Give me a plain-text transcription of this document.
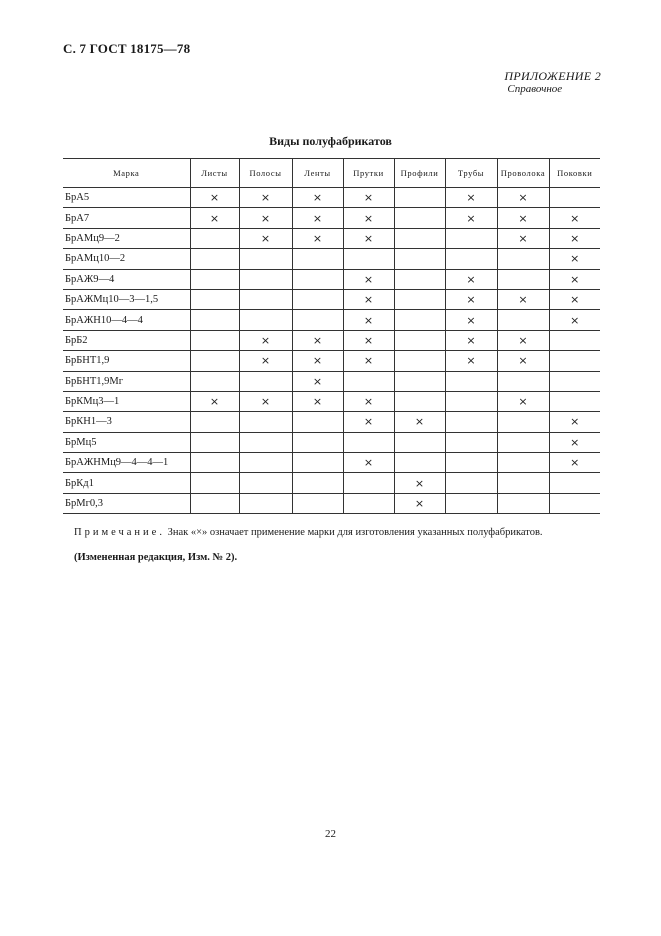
С. 7 ГОСТ 18175—78
ПРИЛОЖЕНИЕ 2
Справочное
Виды полуфабрикатов
Марка	Листы	Полосы	Ленты	Прутки	Профили	Трубы	Проволока	Поковки
БрА5	×	×	×	×		×	×	
БрА7	×	×	×	×		×	×	×
БрАМц9—2		×	×	×			×	×
БрАМц10—2								×
БрАЖ9—4				×		×		×
БрАЖМц10—3—1,5				×		×	×	×
БрАЖН10—4—4				×		×		×
БрБ2		×	×	×		×	×	
БрБНТ1,9		×	×	×		×	×	
БрБНТ1,9Мг			×					
БрКМц3—1	×	×	×	×			×	
БрКН1—3				×	×			×
БрМц5								×
БрАЖНМц9—4—4—1				×				×
БрКд1					×			
БрМг0,3					×			
Примечание. Знак «×» означает применение марки для изготовления указанных полуфабрикатов.
(Измененная редакция, Изм. № 2).
22
